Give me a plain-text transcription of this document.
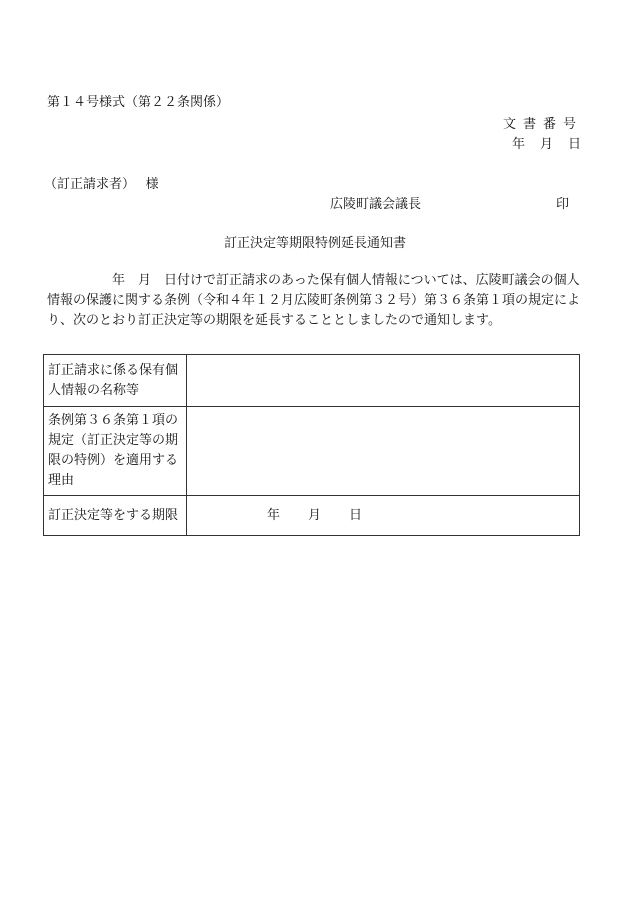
第１４号様式（第２２条関係）
文書番号
年　月　日
（訂正請求者）　 様
広陵町議会議長	印
訂正決定等期限特例延長通知書
　　　　　年　月　日付けで訂正請求のあった保有個人情報については、広陵町議会の個人情報の保護に関する条例（令和４年１２月広陵町条例第３２号）第３６条第１項の規定により、次のとおり訂正決定等の期限を延長することとしましたので通知します。
訂正請求に係る保有個人情報の名称等	
条例第３６条第１項の規定（訂正決定等の期限の特例）を適用する理由	
訂正決定等をする期限	年 月 日
